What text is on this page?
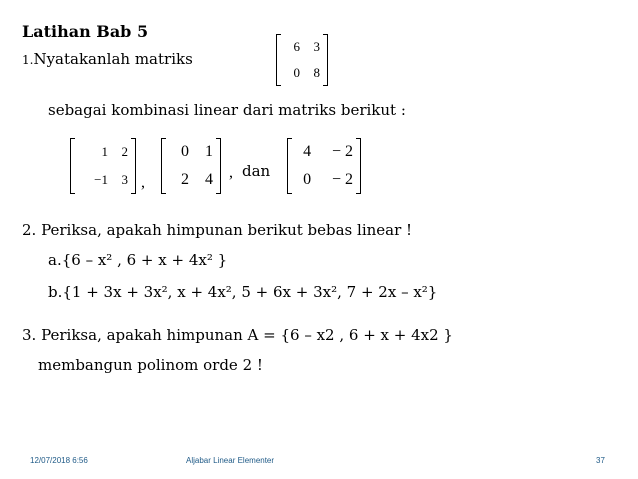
Latihan Bab 5
1.Nyatakanlah matriks
6	3
0	8
sebagai kombinasi linear dari matriks berikut :
1	2
−1	3 ,
0	1
2	4 , dan
4	− 2
0	− 2
2. Periksa, apakah himpunan berikut bebas linear !
a.{6 – x² , 6 + x + 4x² }
b.{1 + 3x + 3x², x + 4x², 5 + 6x + 3x², 7 + 2x – x²}
3. Periksa, apakah himpunan A = {6 – x2 , 6 + x + 4x2 }
membangun polinom orde 2 !
12/07/2018 6:56	Aljabar Linear Elementer	37
